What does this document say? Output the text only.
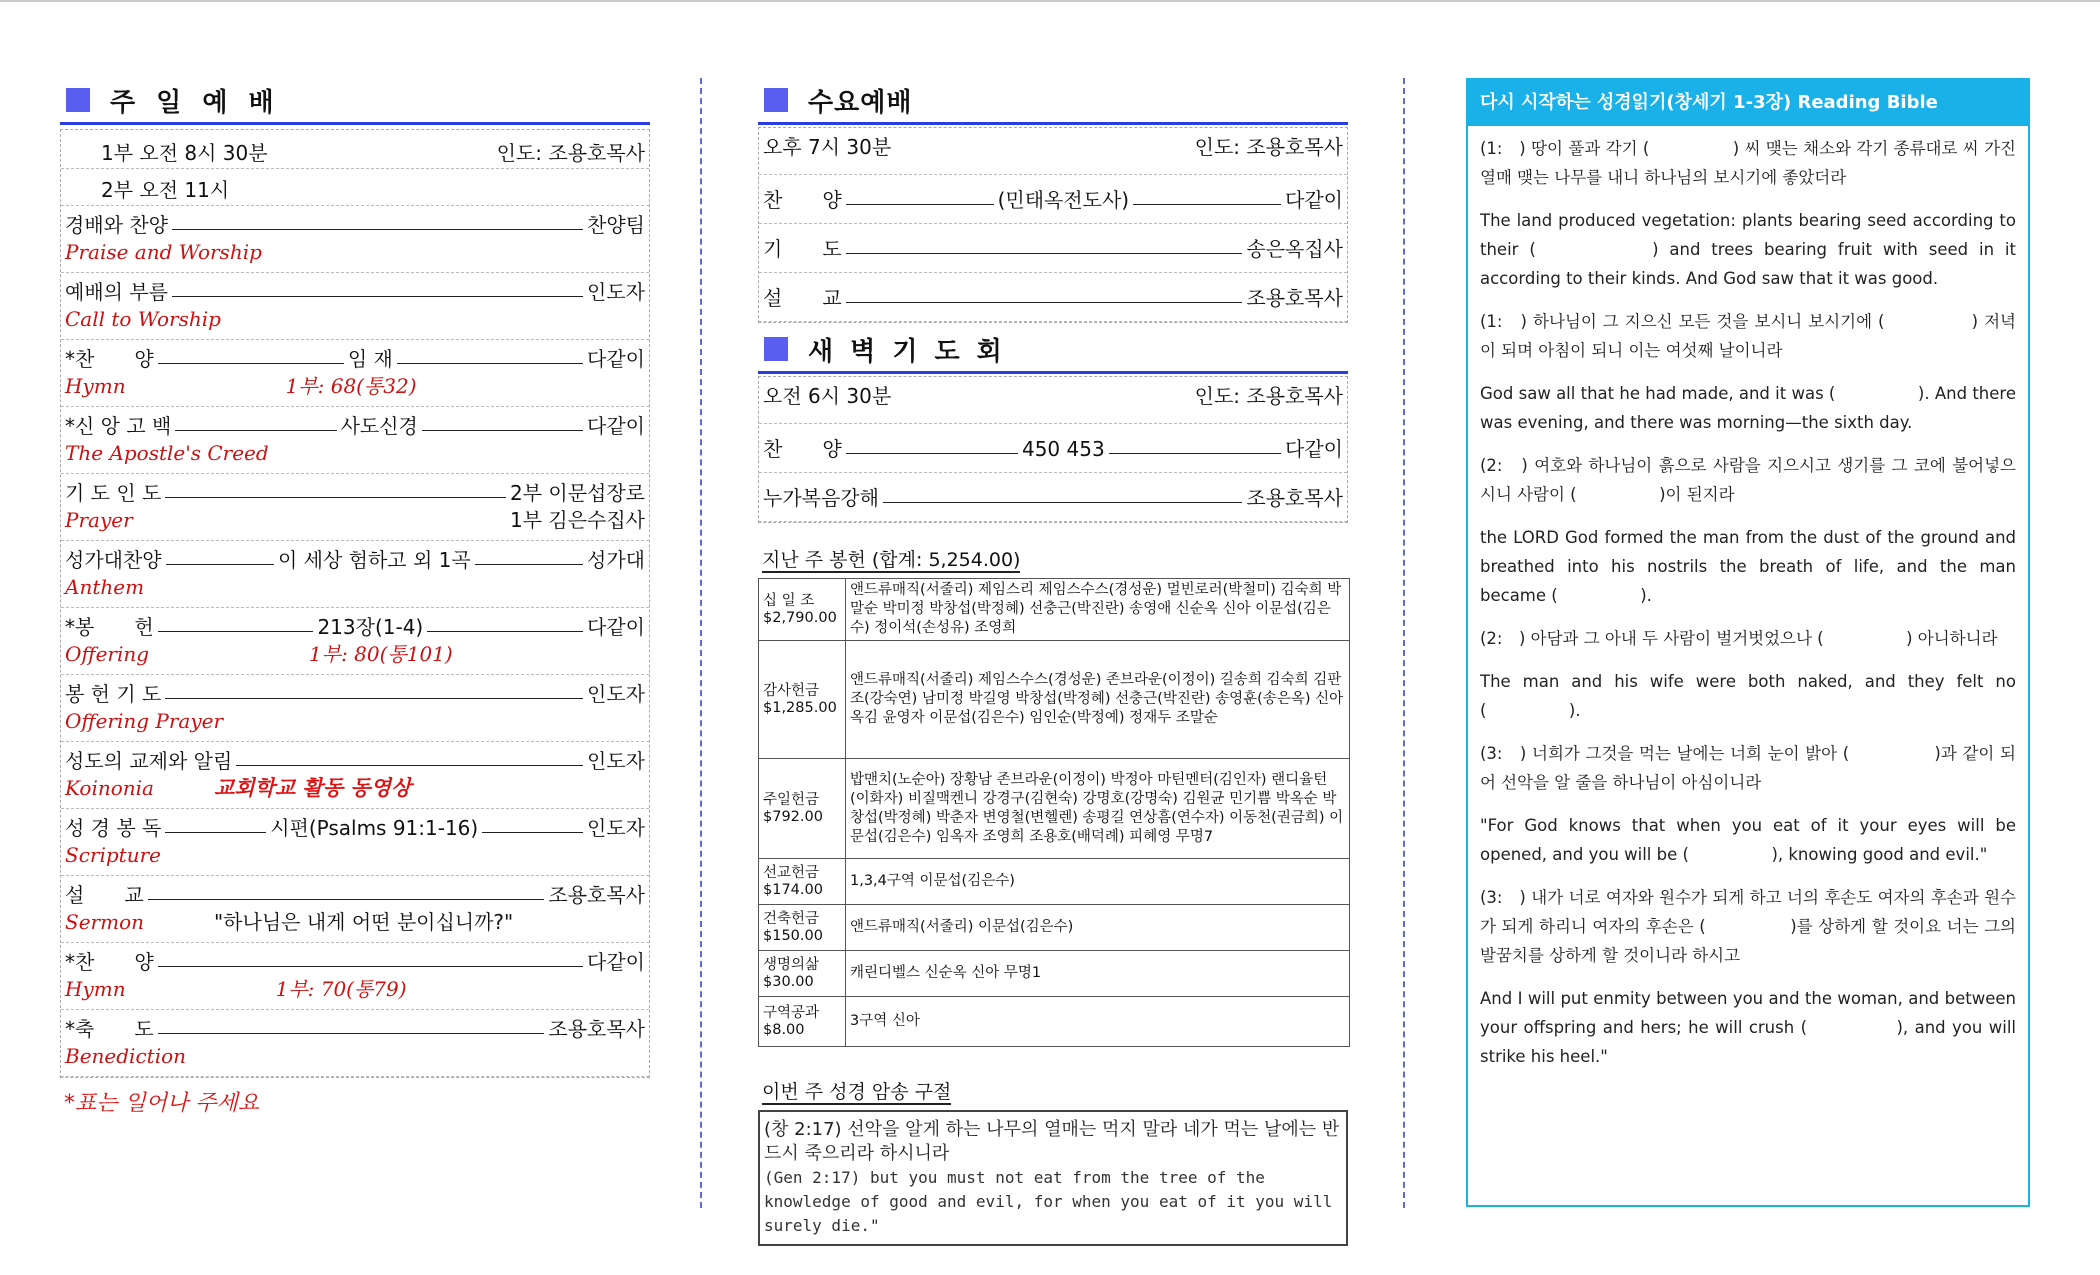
주 일 예 배
1부 오전 8시 30분	인도: 조용호목사
2부 오전 11시
경배와 찬양	찬양팀
Praise and Worship
예배의 부름	인도자
Call to Worship
*찬　　양	임 재	다같이
Hymn	1부: 68(통32)
*신 앙 고 백	사도신경	다같이
The Apostle's Creed
기 도 인 도	2부 이문섭장로
Prayer	1부 김은수집사
성가대찬양	이 세상 험하고 외 1곡	성가대
Anthem
*봉　　헌	213장(1-4)	다같이
Offering	1부: 80(통101)
봉 헌 기 도	인도자
Offering Prayer
성도의 교제와 알림	인도자
Koinonia	교회학교 활동 동영상
성 경 봉 독	시편(Psalms 91:1-16)	인도자
Scripture
설　　교	조용호목사
Sermon	"하나님은 내게 어떤 분이십니까?"
*찬　　양	다같이
Hymn	1부: 70(통79)
*축　　도	조용호목사
Benediction
*표는 일어나 주세요
수요예배
오후 7시 30분	인도: 조용호목사
찬　　양	(민태옥전도사)	다같이
기　　도	송은옥집사
설　　교	조용호목사
새 벽 기 도 회
오전 6시 30분	인도: 조용호목사
찬　　양	450 453	다같이
누가복음강해	조용호목사
지난 주 봉헌 (합계: 5,254.00)
십 일 조
$2,790.00	앤드류매직(서줄리) 제임스리 제임스수스(경성운) 멀빈로러(박철미) 김숙희 박말순 박미정 박창섭(박정혜) 선충근(박진란) 송영애 신순옥 신아 이문섭(김은수) 정이석(손성유) 조영희

감사헌금
$1,285.00	앤드류매직(서줄리) 제임스수스(경성운) 존브라운(이정이) 길송희 김숙희 김판조(강숙연) 남미정 박길영 박창섭(박정혜) 선충근(박진란) 송영훈(송은옥) 신아 옥김 윤영자 이문섭(김은수) 임인순(박정예) 정재두 조말순

주일헌금
$792.00	밥맨치(노순아) 장황남 존브라운(이정이) 박정아 마틴멘터(김인자) 랜디율턴(이화자) 비질맥켄니 강경구(김현숙) 강명호(강명숙) 김원균 민기쁨 박옥순 박창섭(박정혜) 박춘자 변영철(변헬렌) 송평길 연상흠(연수자) 이동천(권금희) 이문섭(김은수) 임옥자 조영희 조용호(배덕례) 피혜영 무명7

선교헌금
$174.00	1,3,4구역 이문섭(김은수)

건축헌금
$150.00	앤드류매직(서줄리) 이문섭(김은수)

생명의삶
$30.00	캐린디벨스 신순옥 신아 무명1

구역공과
$8.00	3구역 신아
이번 주 성경 암송 구절
(창 2:17) 선악을 알게 하는 나무의 열매는 먹지 말라 네가 먹는 날에는 반드시 죽으리라 하시니라
(Gen 2:17) but you must not eat from the tree of the knowledge of good and evil, for when you eat of it you will surely die."
다시 시작하는 성경읽기(창세기 1-3장) Reading Bible

(1:　) 땅이 풀과 각기 (　　　　　) 씨 맺는 채소와 각기 종류대로 씨 가진 열매 맺는 나무를 내니 하나님의 보시기에 좋았더라

The land produced vegetation: plants bearing seed according to their (　　　　　) and trees bearing fruit with seed in it according to their kinds. And God saw that it was good.

(1:　) 하나님이 그 지으신 모든 것을 보시니 보시기에 (　　　　　) 저녁이 되며 아침이 되니 이는 여섯째 날이니라

God saw all that he had made, and it was (　　　　　). And there was evening, and there was morning—the sixth day.

(2:　) 여호와 하나님이 흙으로 사람을 지으시고 생기를 그 코에 불어넣으시니 사람이 (　　　　　)이 된지라

the LORD God formed the man from the dust of the ground and breathed into his nostrils the breath of life, and the man became (　　　　　).

(2:　) 아담과 그 아내 두 사람이 벌거벗었으나 (　　　　　) 아니하니라

The man and his wife were both naked, and they felt no (　　　　　).

(3:　) 너희가 그것을 먹는 날에는 너희 눈이 밝아 (　　　　　)과 같이 되어 선악을 알 줄을 하나님이 아심이니라

"For God knows that when you eat of it your eyes will be opened, and you will be (　　　　　), knowing good and evil."

(3:　) 내가 너로 여자와 원수가 되게 하고 너의 후손도 여자의 후손과 원수가 되게 하리니 여자의 후손은 (　　　　　)를 상하게 할 것이요 너는 그의 발꿈치를 상하게 할 것이니라 하시고

And I will put enmity between you and the woman, and between your offspring and hers; he will crush (　　　　　), and you will strike his heel."
